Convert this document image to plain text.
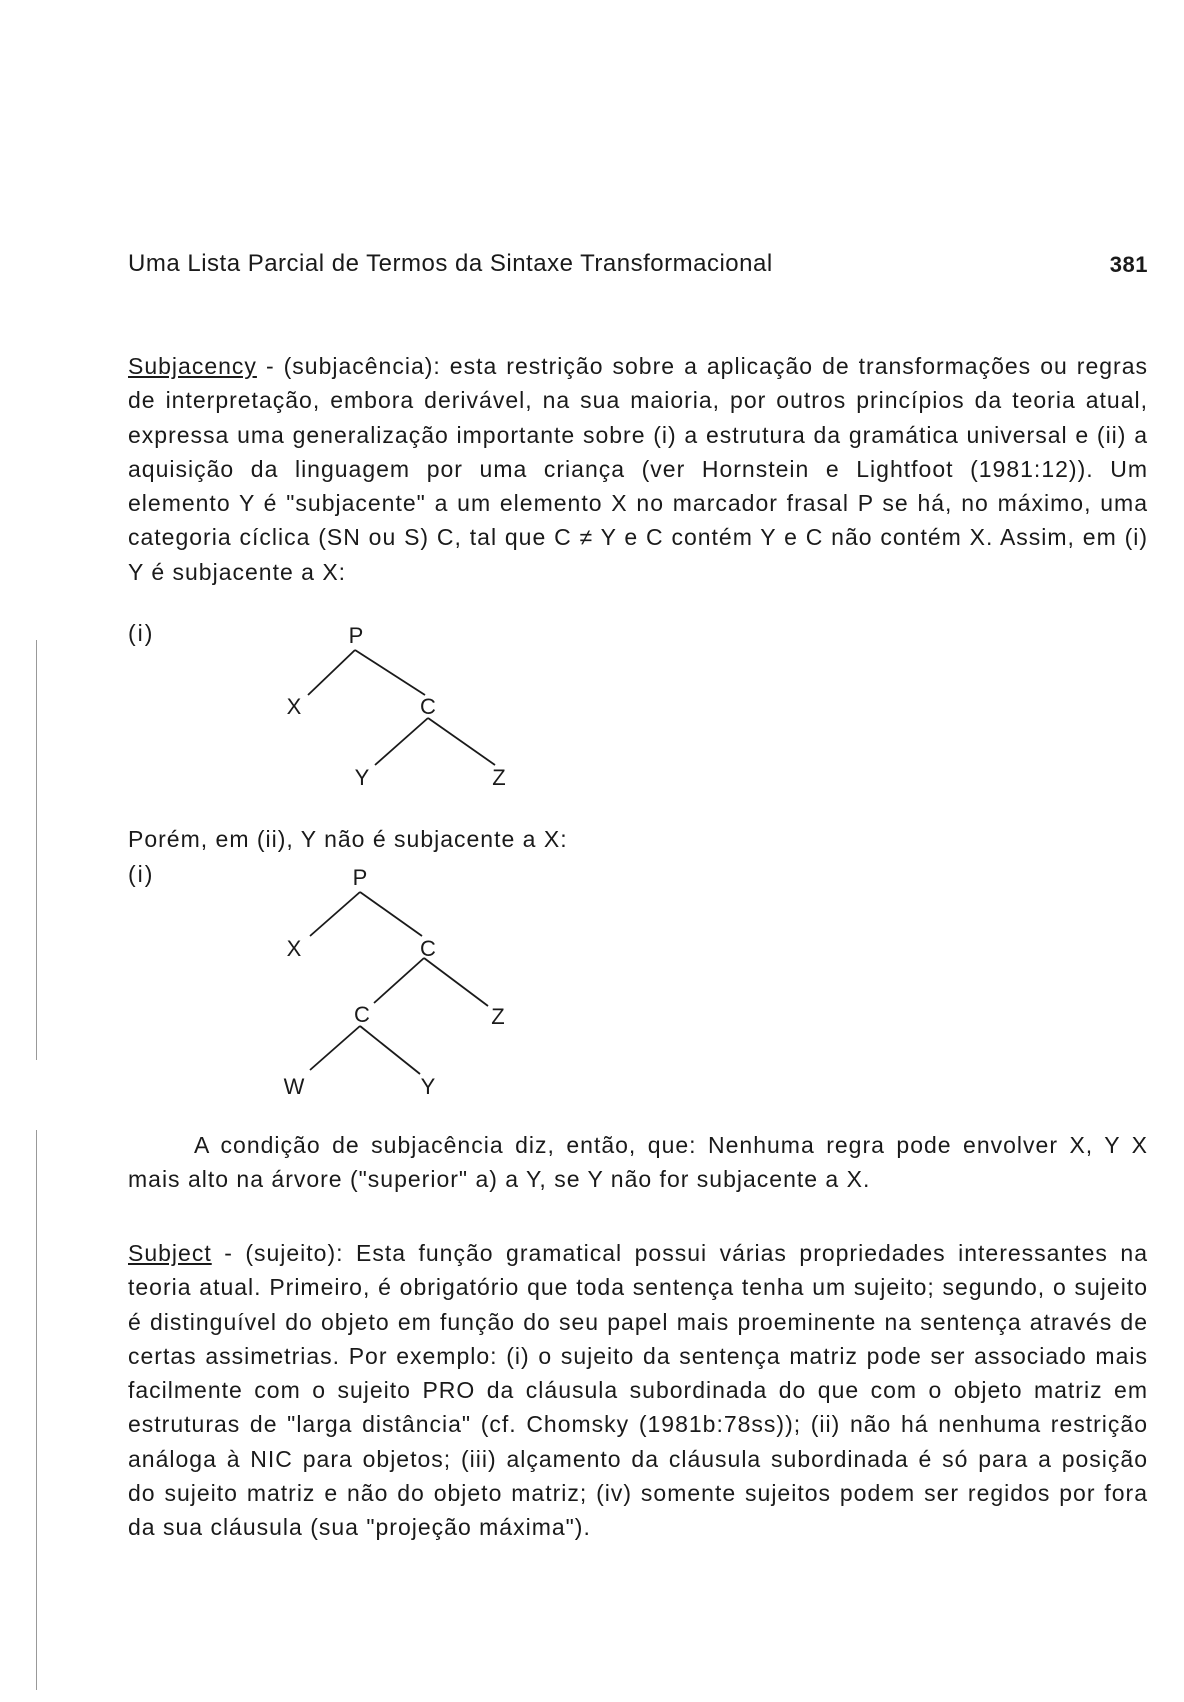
Uma Lista Parcial de Termos da Sintaxe Transformacional	381

Subjacency - (subjacência): esta restrição sobre a aplicação de transformações ou regras de interpretação, embora derivável, na sua maioria, por outros princípios da teoria atual, expressa uma generalização importante sobre (i) a estrutura da gramática universal e (ii) a aquisição da linguagem por uma criança (ver Hornstein e Lightfoot (1981:12)). Um elemento Y é "subjacente" a um elemento X no marcador frasal P se há, no máximo, uma categoria cíclica (SN ou S) C, tal que C ≠ Y e C contém Y e C não contém X. Assim, em (i) Y é subjacente a X:

(i)	P
X	C
Y	Z
Porém, em (ii), Y não é subjacente a X:
(i)	P
X	C
C	Z
W	Y

A condição de subjacência diz, então, que: Nenhuma regra pode envolver X, Y X mais alto na árvore ("superior" a) a Y, se Y não for subjacente a X.

Subject - (sujeito): Esta função gramatical possui várias propriedades interessantes na teoria atual. Primeiro, é obrigatório que toda sentença tenha um sujeito; segundo, o sujeito é distinguível do objeto em função do seu papel mais proeminente na sentença através de certas assimetrias. Por exemplo: (i) o sujeito da sentença matriz pode ser associado mais facilmente com o sujeito PRO da cláusula subordinada do que com o objeto matriz em estruturas de "larga distância" (cf. Chomsky (1981b:78ss)); (ii) não há nenhuma restrição análoga à NIC para objetos; (iii) alçamento da cláusula subordinada é só para a posição do sujeito matriz e não do objeto matriz; (iv) somente sujeitos podem ser regidos por fora da sua cláusula (sua "projeção máxima").
